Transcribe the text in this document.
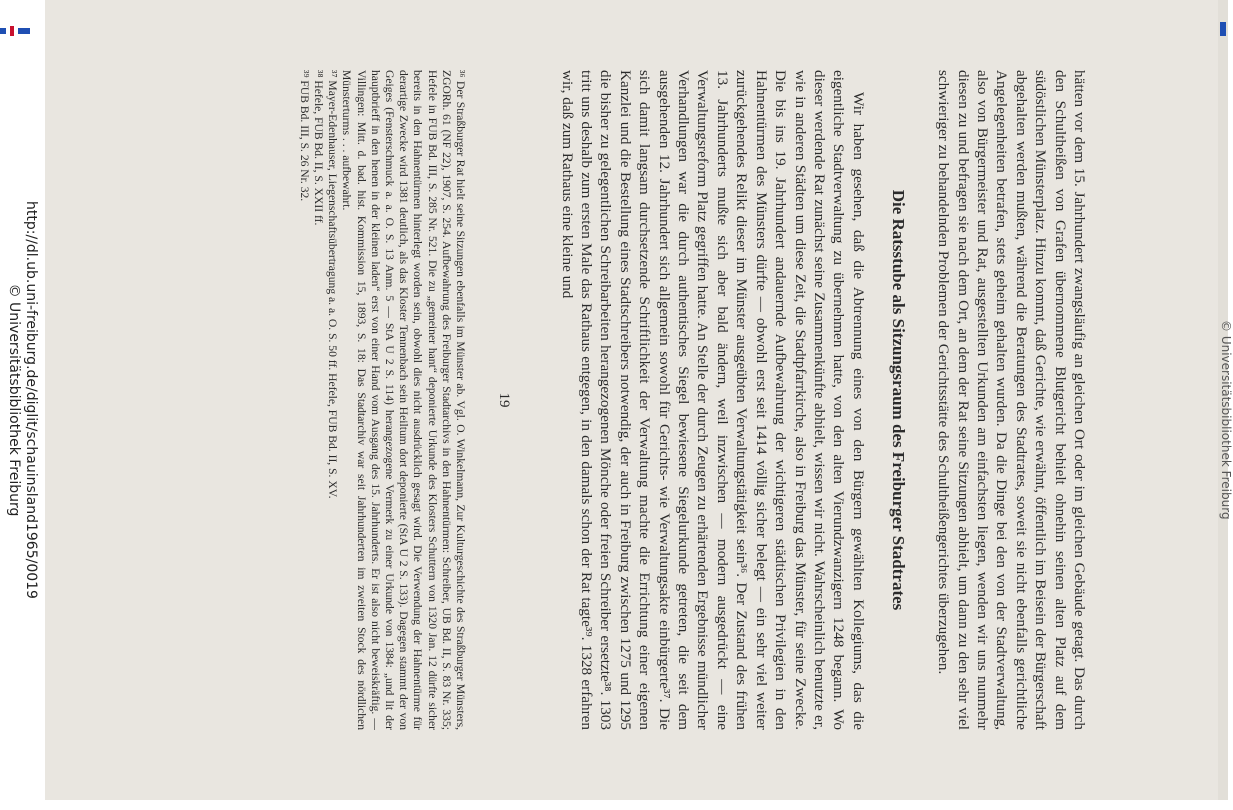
http://dl.ub.uni-freiburg.de/diglit/schauinsland1965/0019
© Universitätsbibliothek Freiburg	hätten vor dem 15. Jahrhundert zwangsläufig an gleichen Ort oder im gleichen Gebäude getagt. Das durch den Schultheißen von Grafen übernommene Blutgericht behielt ohnehin seinen alten Platz auf dem südöstlichen Münsterplatz. Hinzu kommt, daß Gerichte, wie erwähnt, öffentlich im Beisein der Bürgerschaft abgehalten werden mußten, während die Beratungen des Stadtrates, soweit sie nicht ebenfalls gerichtliche Angelegenheiten betrafen, stets geheim gehalten wurden. Da die Dinge bei den von der Stadtverwaltung, also von Bürgermeister und Rat, ausgestellten Urkunden am einfachsten liegen, wenden wir uns nunmehr diesen zu und befragen sie nach dem Ort, an dem der Rat seine Sitzungen abhielt, um dann zu den sehr viel schwieriger zu behandelnden Problemen der Gerichtsstätte des Schultheißengerichtes überzugehen.

Die Ratsstube als Sitzungsraum des Freiburger Stadtrates

Wir haben gesehen, daß die Abtrennung eines von den Bürgern gewählten Kollegiums, das die eigentliche Stadtverwaltung zu übernehmen hatte, von den alten Vierundzwanzigern 1248 begann. Wo dieser werdende Rat zunächst seine Zusammenkünfte abhielt, wissen wir nicht. Wahrscheinlich benutzte er, wie in anderen Städten um diese Zeit, die Stadtpfarrkirche, also in Freiburg das Münster, für seine Zwecke. Die bis ins 19. Jahrhundert andauernde Aufbewahrung der wichtigeren städtischen Privilegien in den Hahnentürmen des Münsters dürfte — obwohl erst seit 1414 völlig sicher belegt — ein sehr viel weiter zurückgehendes Relikt dieser im Münster ausgeübten Verwaltungstätigkeit sein³⁶. Der Zustand des frühen 13. Jahrhunderts mußte sich aber bald ändern, weil inzwischen — modern ausgedrückt — eine Verwaltungsreform Platz gegriffen hatte. An Stelle der durch Zeugen zu erhärtenden Ergebnisse mündlicher Verhandlungen war die durch authentisches Siegel bewiesene Siegelurkunde getreten, die seit dem ausgehenden 12. Jahrhundert sich allgemein sowohl für Gerichts- wie Verwaltungsakte einbürgerte³⁷. Die sich damit langsam durchsetzende Schriftlichkeit der Verwaltung machte die Errichtung einer eigenen Kanzlei und die Bestellung eines Stadtschreibers notwendig, der auch in Freiburg zwischen 1275 und 1295 die bisher zu gelegentlichen Schreibarbeiten herangezogenen Mönche oder freien Schreiber ersetzte³⁸. 1303 tritt uns deshalb zum ersten Male das Rathaus entgegen, in den damals schon der Rat tagte³⁹. 1328 erfahren wir, daß zum Rathaus eine kleine und

19

³⁶ Der Straßburger Rat hielt seine Sitzungen ebenfalls im Münster ab. Vgl. O. Winkelmann, Zur Kulturgeschichte des Straßburger Münsters, ZGORh. 61 (NF 22), 1907, S. 254. Aufbewahrung des Freiburger Stadtarchivs in den Hahnentürmen: Schreiber, UB Bd. II, S. 83 Nr. 335; Hefele in FUB Bd. III, S. 285 Nr. 521. Die zu „gemeiner hant“ deponierte Urkunde des Klosters Schuttern von 1320 Jan. 12 dürfte sicher bereits in den Hahnentürmen hinterlegt worden sein, obwohl dies nicht ausdrücklich gesagt wird. Die Verwendung der Hahnentürme für derartige Zwecke wird 1381 deutlich, als das Kloster Tennenbach sein Heiltum dort deponierte (StA U 2 S. 133). Dagegen stammt der von Geiges (Fensterschmuck a. a. O. S. 13 Anm. 5 — StA U 2 S. 114) herangezogene Vermerk zu einer Urkunde von 1384: „und lit der hauptbrieff in den henen in der kleinen laden“ erst von einer Hand vom Ausgang des 15. Jahrhunderts. Er ist also nicht beweiskräftig. — Villingen: Mitt. d. bad. hist. Kommission 15, 1893, S. 18: Das Stadtarchiv war seit Jahrhunderten im zweiten Stock des nördlichen Münsterturms . . . aufbewahrt.

³⁷ Mayer-Edenhauser, Liegenschaftsübertragung a. a. O. S. 50 ff. Hefele, FUB Bd. II, S. XV.

³⁸ Hefele, FUB Bd. II, S. XXII ff.

³⁹ FUB Bd. III, S. 26 Nr. 32.

© Universitätsbibliothek Freiburg
